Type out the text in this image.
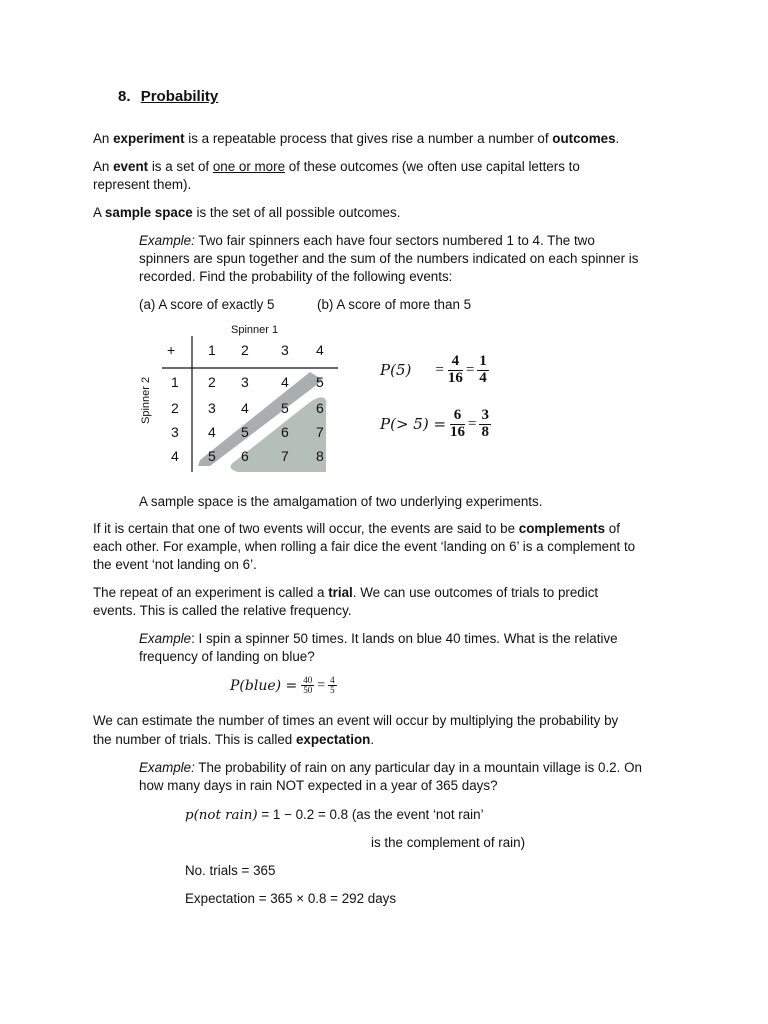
8. Probability
An experiment is a repeatable process that gives rise a number a number of outcomes.
An event is a set of one or more of these outcomes (we often use capital letters to
represent them).
A sample space is the set of all possible outcomes.
Example: Two fair spinners each have four sectors numbered 1 to 4. The two
spinners are spun together and the sum of the numbers indicated on each spinner is
recorded. Find the probability of the following events:
(a) A score of exactly 5	(b) A score of more than 5
Spinner 1
Spinner 2
+ 1 2 3 4
1
2
3
4
2 3 4 5
3 4 5 6
4 5 6 7
5 6 7 8
$P(5) = \frac{4}{16} = \frac{1}{4}$
$P(> 5) = \frac{6}{16} = \frac{3}{8}$
A sample space is the amalgamation of two underlying experiments.
If it is certain that one of two events will occur, the events are said to be complements of
each other. For example, when rolling a fair dice the event ‘landing on 6’ is a complement to
the event ‘not landing on 6’.
The repeat of an experiment is called a trial. We can use outcomes of trials to predict
events. This is called the relative frequency.
Example: I spin a spinner 50 times. It lands on blue 40 times. What is the relative
frequency of landing on blue?
P(blue) = $\frac{40}{50} = \frac{4}{5}$
We can estimate the number of times an event will occur by multiplying the probability by
the number of trials. This is called expectation.
Example: The probability of rain on any particular day in a mountain village is 0.2. On
how many days in rain NOT expected in a year of 365 days?
p(not rain) = 1 − 0.2 = 0.8 (as the event ‘not rain’
is the complement of rain)
No. trials = 365
Expectation = 365 × 0.8 = 292 days
